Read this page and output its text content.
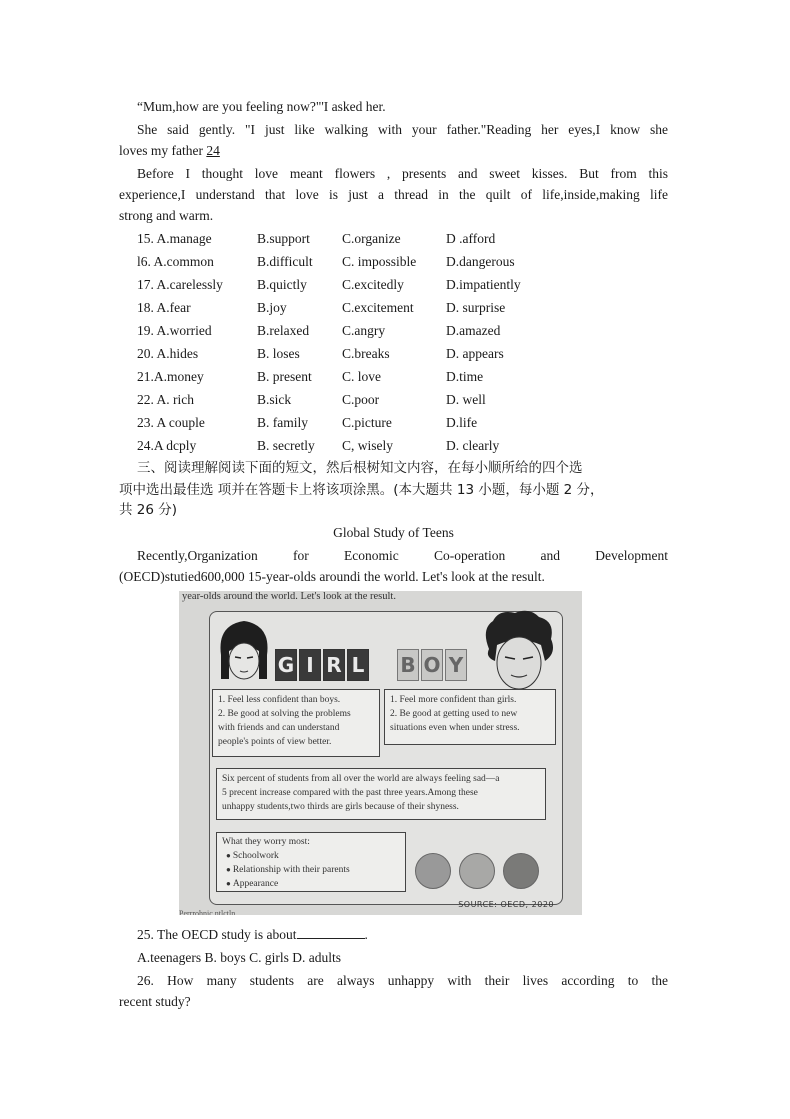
“Mum,how are you feeling now?"'I asked her.
She said gently. "I just like walking with your father."Reading her eyes,I know she
loves my father 24
Before I thought love meant flowers , presents and sweet kisses. But from this
experience,I understand that love is just a thread in the quilt of life,inside,making life
strong and warm.
15. A.manage	B.support C.organize	D .afford
l6. A.common	B.difficult C. impossible D.dangerous
17. A.carelessly	B.quictly	C.excitedly	D.impatiently
18. A.fear	B.joy	C.excitement D. surprise
19. A.worried	B.relaxed C.angry	D.amazed
20. A.hides	B. loses	C.breaks	D. appears
21.A.money	B. present C. love	D.time
22. A. rich	B.sick	C.poor	D. well
23. A couple	B. family	C.picture	D.life
24.A dcply	B. secretly C, wisely	D. clearly
三、阅读理解阅读下面的短文，然后根树知文内容，在每小顺所给的四个选
项中选出最佳选 项并在答题卡上将该项涂黑。(本大题共 13 小题，每小题 2 分，
共 26 分)
Global Study of Teens
Recently,Organization for Economic Co-operation and Development
(OECD)stutied600,000 15-year-olds aroundi the world. Let's look at the result.
year-olds around the world. Let's look at the result.
G I R L B O Y
1. Feel less confident than boys.
2. Be good at solving the problems
with friends and can understand
people's points of view better.
1. Feel more confident than girls.
2. Be good at getting used to new
situations even when under stress.
Six percent of students from all over the world are always feeling sad—a
5 precent increase compared with the past three years.Among these
unhappy students,two thirds are girls because of their shyness.
What they worry most:
● Schoolwork
● Relationship with their parents
● Appearance
SOURCE: OECD, 2020
Perrrohnic ntlctln
25. The OECD study is about	.
A.teenagers B. boys C. girls D. adults
26. How many students are always unhappy with their lives according to the
recent study?
